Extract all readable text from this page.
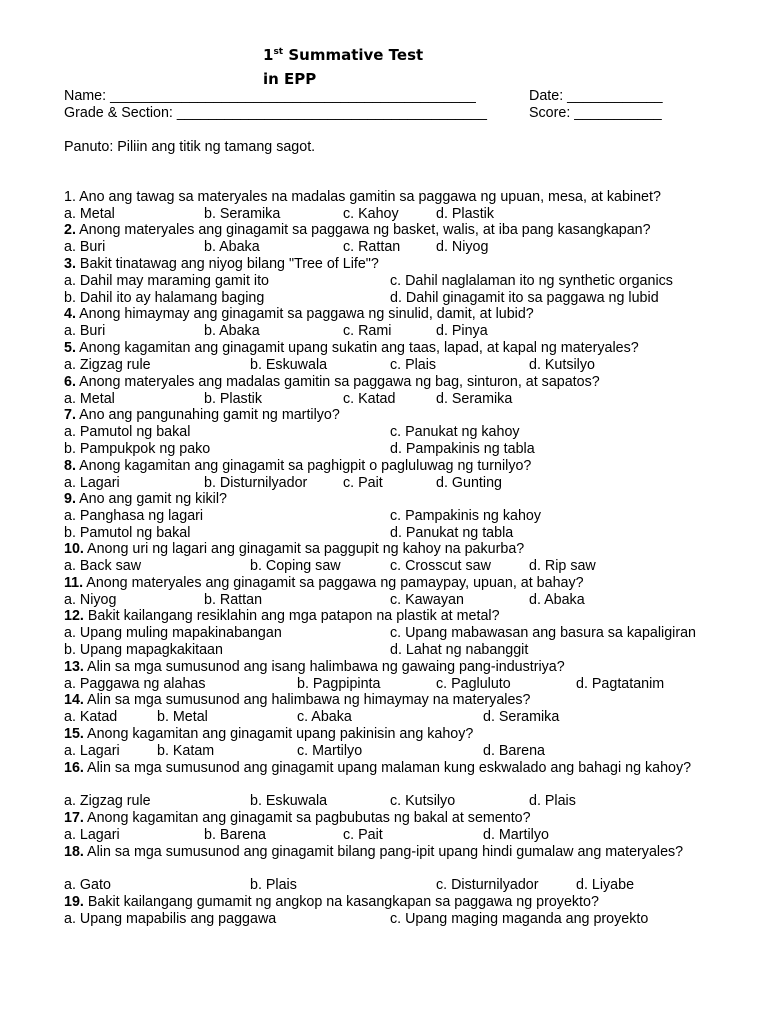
1st Summative Test
in EPP
Name: ______________________________________________	Date: ____________
Grade & Section: _______________________________________	Score: ___________
Panuto: Piliin ang titik ng tamang sagot.
1. Ano ang tawag sa materyales na madalas gamitin sa paggawa ng upuan, mesa, at kabinet?
a. Metal	b. Seramika	c. Kahoy	d. Plastik
2. Anong materyales ang ginagamit sa paggawa ng basket, walis, at iba pang kasangkapan?
a. Buri	b. Abaka	c. Rattan	d. Niyog
3. Bakit tinatawag ang niyog bilang "Tree of Life"?
a. Dahil may maraming gamit ito	c. Dahil naglalaman ito ng synthetic organics
b. Dahil ito ay halamang baging	d. Dahil ginagamit ito sa paggawa ng lubid
4. Anong himaymay ang ginagamit sa paggawa ng sinulid, damit, at lubid?
a. Buri	b. Abaka	c. Rami	d. Pinya
5. Anong kagamitan ang ginagamit upang sukatin ang taas, lapad, at kapal ng materyales?
a. Zigzag rule	b. Eskuwala	c. Plais	d. Kutsilyo
6. Anong materyales ang madalas gamitin sa paggawa ng bag, sinturon, at sapatos?
a. Metal	b. Plastik	c. Katad	d. Seramika
7. Ano ang pangunahing gamit ng martilyo?
a. Pamutol ng bakal	c. Panukat ng kahoy
b. Pampukpok ng pako	d. Pampakinis ng tabla
8. Anong kagamitan ang ginagamit sa paghigpit o pagluluwag ng turnilyo?
a. Lagari	b. Disturnilyador c. Pait	d. Gunting
9. Ano ang gamit ng kikil?
a. Panghasa ng lagari	c. Pampakinis ng kahoy
b. Pamutol ng bakal	d. Panukat ng tabla
10. Anong uri ng lagari ang ginagamit sa paggupit ng kahoy na pakurba?
a. Back saw	b. Coping saw	c. Crosscut saw	d. Rip saw
11. Anong materyales ang ginagamit sa paggawa ng pamaypay, upuan, at bahay?
a. Niyog	b. Rattan	c. Kawayan	d. Abaka
12. Bakit kailangang resiklahin ang mga patapon na plastik at metal?
a. Upang muling mapakinabangan	c. Upang mabawasan ang basura sa kapaligiran
b. Upang mapagkakitaan	d. Lahat ng nabanggit
13. Alin sa mga sumusunod ang isang halimbawa ng gawaing pang-industriya?
a. Paggawa ng alahas	b. Pagpipinta	c. Pagluluto	d. Pagtatanim
14. Alin sa mga sumusunod ang halimbawa ng himaymay na materyales?
a. Katad	b. Metal	c. Abaka	d. Seramika
15. Anong kagamitan ang ginagamit upang pakinisin ang kahoy?
a. Lagari	b. Katam	c. Martilyo	d. Barena
16. Alin sa mga sumusunod ang ginagamit upang malaman kung eskwalado ang bahagi ng kahoy?
a. Zigzag rule	b. Eskuwala	c. Kutsilyo	d. Plais
17. Anong kagamitan ang ginagamit sa pagbubutas ng bakal at semento?
a. Lagari	b. Barena	c. Pait	d. Martilyo
18. Alin sa mga sumusunod ang ginagamit bilang pang-ipit upang hindi gumalaw ang materyales?
a. Gato	b. Plais	c. Disturnilyador	d. Liyabe
19. Bakit kailangang gumamit ng angkop na kasangkapan sa paggawa ng proyekto?
a. Upang mapabilis ang paggawa	c. Upang maging maganda ang proyekto
